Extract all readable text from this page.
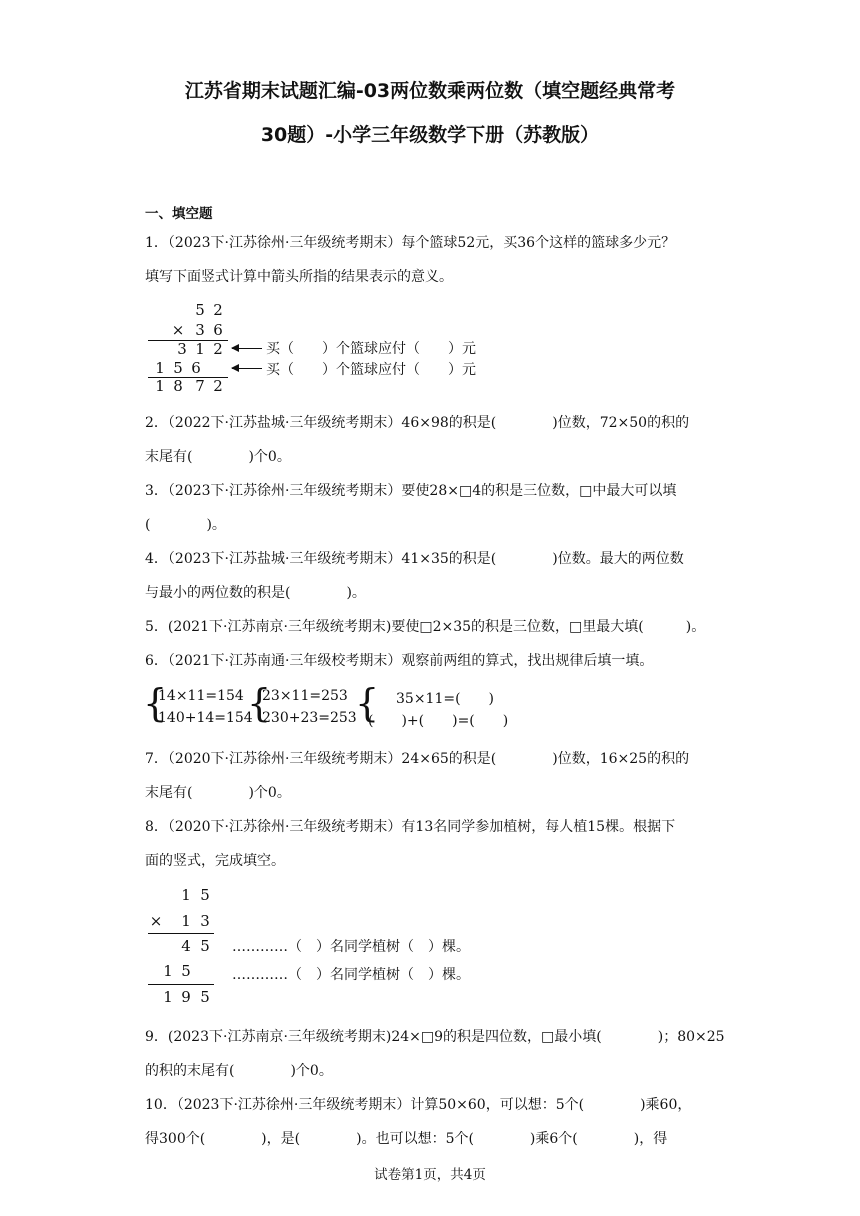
江苏省期末试题汇编-03两位数乘两位数（填空题经典常考
30题）-小学三年级数学下册（苏教版）
一、填空题
1．（2023下·江苏徐州·三年级统考期末）每个篮球52元，买36个这样的篮球多少元？
填写下面竖式计算中箭头所指的结果表示的意义。
5 2
× 3 6
3 1 2
1 5 6
1 8 7 2
买（　　）个篮球应付（　　）元
买（　　）个篮球应付（　　）元
2．（2022下·江苏盐城·三年级统考期末）46×98的积是(　　　　)位数，72×50的积的
末尾有(　　　　)个0。
3．（2023下·江苏徐州·三年级统考期末）要使28×□4的积是三位数，□中最大可以填
(　　　　)。
4．（2023下·江苏盐城·三年级统考期末）41×35的积是(　　　　)位数。最大的两位数
与最小的两位数的积是(　　　　)。
5．(2021下·江苏南京·三年级统考期末)要使□2×35的积是三位数，□里最大填(　　　)。
6．（2021下·江苏南通·三年级校考期末）观察前两组的算式，找出规律后填一填。
{
14×11=154
140+14=154
{
23×11=253
230+23=253
{ 35×11=(　　)
(　　)+(　　)=(　　)
7．（2020下·江苏徐州·三年级统考期末）24×65的积是(　　　　)位数，16×25的积的
末尾有(　　　　)个0。
8．（2020下·江苏徐州·三年级统考期末）有13名同学参加植树，每人植15棵。根据下
面的竖式，完成填空。
1 5
× 1 3
4 5
1 5
1 9 5
…………（　）名同学植树（　）棵。
…………（　）名同学植树（　）棵。
9．(2023下·江苏南京·三年级统考期末)24×□9的积是四位数，□最小填(　　　　)；80×25
的积的末尾有(　　　　)个0。
10．（2023下·江苏徐州·三年级统考期末）计算50×60，可以想：5个(　　　　)乘60，
得300个(　　　　)，是(　　　　)。也可以想：5个(　　　　)乘6个(　　　　)，得
试卷第1页，共4页
